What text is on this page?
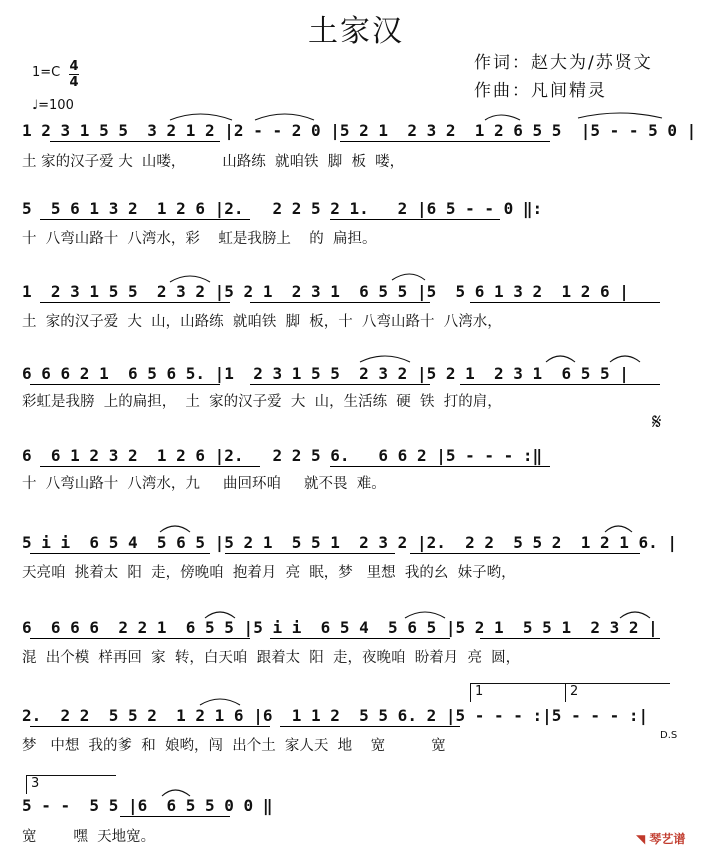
土家汉
作词：赵大为/苏贤文
作曲：凡间精灵
1=C 4
4
♩=100
1 2 3 1 5 5  3 2 1 2 |2 - - 2 0 |5 2 1  2 3 2  1 2 6 5 5  |5 - - 5 0 |
土 家的汉子爱 大  山喽，        山路练  就咱铁  脚  板  喽，
5  5 6 1 3 2  1 2 6 |2.   2 2 5 2 1.   2 |6 5 - - 0 ‖:
十  八弯山路十  八湾水，彩    虹是我膀上    的  扁担。
1  2 3 1 5 5  2 3 2 |5 2 1  2 3 1  6 5 5 |5  5 6 1 3 2  1 2 6 |
土  家的汉子爱  大  山，山路练  就咱铁  脚  板，十  八弯山路十  八湾水，
6 6 6 2 1  6 5 6 5. |1  2 3 1 5 5  2 3 2 |5 2 1  2 3 1  6 5 5 |
彩虹是我膀  上的扁担，  土  家的汉子爱  大  山，生活练  硬  铁  打的肩，
𝄋
6  6 1 2 3 2  1 2 6 |2.   2 2 5 6.   6 6 2 |5 - - - :‖
十  八弯山路十  八湾水，九     曲回环咱     就不畏  难。
5 i i  6 5 4  5 6 5 |5 2 1  5 5 1  2 3 2 |2.  2 2  5 5 2  1 2 1 6. |
天亮咱  挑着太  阳  走，傍晚咱  抱着月  亮  眠，梦   里想  我的幺  妹子哟，
6  6 6 6  2 2 1  6 5 5 |5 i i  6 5 4  5 6 5 |5 2 1  5 5 1  2 3 2 |
混  出个模  样再回  家  转，白天咱  跟着太  阳  走，夜晚咱  盼着月  亮  圆，
2.  2 2  5 5 2  1 2 1 6 |6  1 1 2  5 5 6. 2 |5 - - - :|5 - - - :|
梦   中想  我的爹  和  娘哟，闯  出个土  家人天  地    宽          宽
1	2
D.S
3
5 - -  5 5 |6  6 5 5 0 0 ‖
宽        嘿  天地宽。	◥ 琴艺谱
